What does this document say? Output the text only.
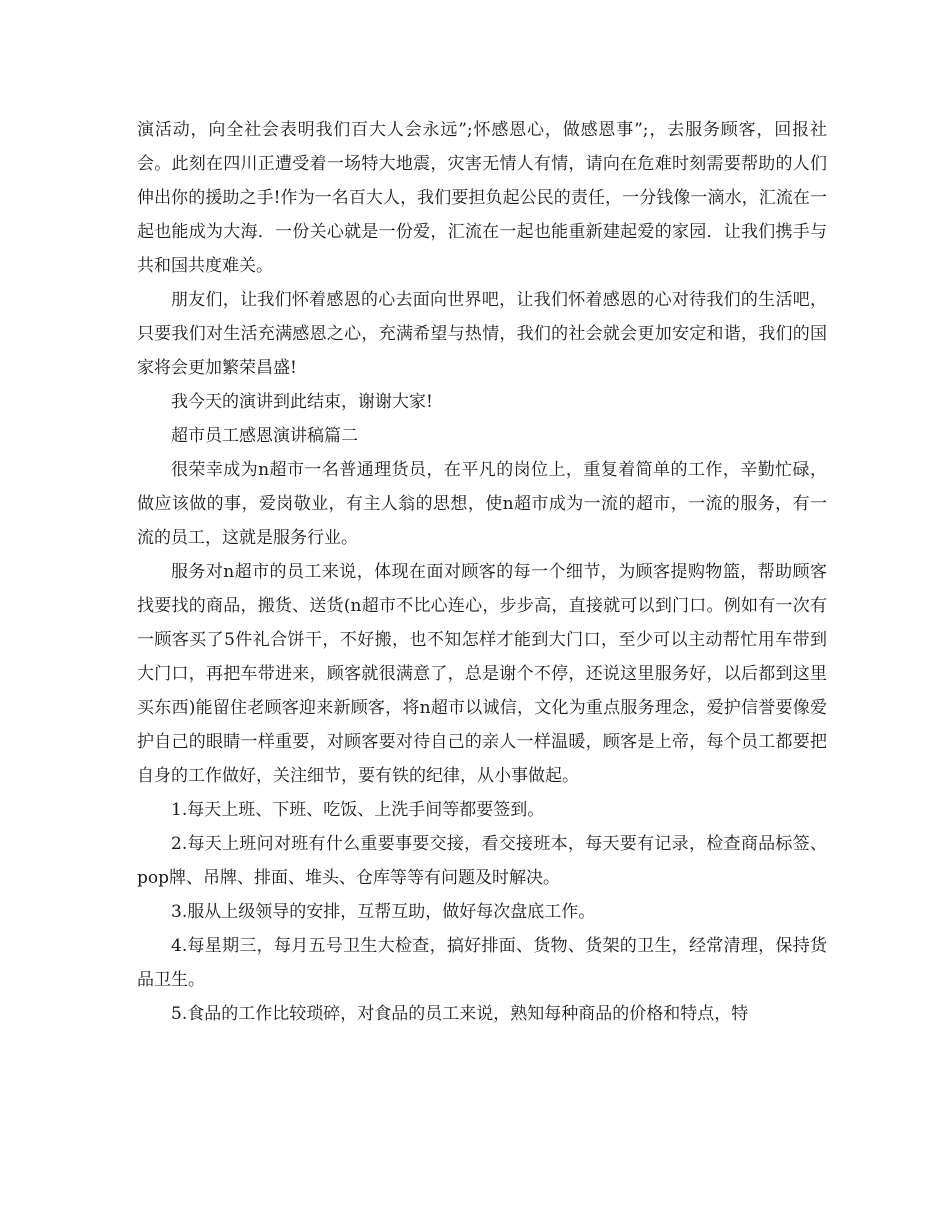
演活动，向全社会表明我们百大人会永远”;怀感恩心，做感恩事”;，去服务顾客，回报社会。此刻在四川正遭受着一场特大地震，灾害无情人有情，请向在危难时刻需要帮助的人们伸出你的援助之手!作为一名百大人，我们要担负起公民的责任，一分钱像一滴水，汇流在一起也能成为大海．一份关心就是一份爱，汇流在一起也能重新建起爱的家园．让我们携手与共和国共度难关。

朋友们，让我们怀着感恩的心去面向世界吧，让我们怀着感恩的心对待我们的生活吧，只要我们对生活充满感恩之心，充满希望与热情，我们的社会就会更加安定和谐，我们的国家将会更加繁荣昌盛!

我今天的演讲到此结束，谢谢大家!

超市员工感恩演讲稿篇二

很荣幸成为n超市一名普通理货员，在平凡的岗位上，重复着简单的工作，辛勤忙碌，做应该做的事，爱岗敬业，有主人翁的思想，使n超市成为一流的超市，一流的服务，有一流的员工，这就是服务行业。

服务对n超市的员工来说，体现在面对顾客的每一个细节，为顾客提购物篮，帮助顾客找要找的商品，搬货、送货(n超市不比心连心，步步高，直接就可以到门口。例如有一次有一顾客买了5件礼合饼干，不好搬，也不知怎样才能到大门口，至少可以主动帮忙用车带到大门口，再把车带进来，顾客就很满意了，总是谢个不停，还说这里服务好，以后都到这里买东西)能留住老顾客迎来新顾客，将n超市以诚信，文化为重点服务理念，爱护信誉要像爱护自己的眼睛一样重要，对顾客要对待自己的亲人一样温暖，顾客是上帝，每个员工都要把自身的工作做好，关注细节，要有铁的纪律，从小事做起。

1.每天上班、下班、吃饭、上洗手间等都要签到。

2.每天上班问对班有什么重要事要交接，看交接班本，每天要有记录，检查商品标签、pop牌、吊牌、排面、堆头、仓库等等有问题及时解决。

3.服从上级领导的安排，互帮互助，做好每次盘底工作。

4.每星期三，每月五号卫生大检查，搞好排面、货物、货架的卫生，经常清理，保持货品卫生。

5.食品的工作比较琐碎，对食品的员工来说，熟知每种商品的价格和特点，特
